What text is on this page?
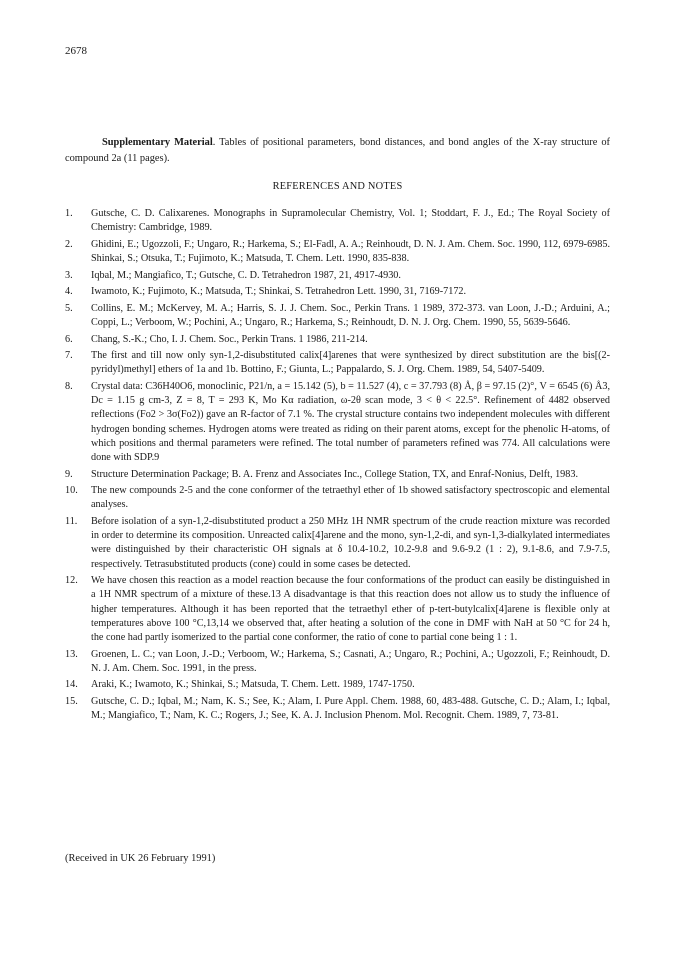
2678
Supplementary Material. Tables of positional parameters, bond distances, and bond angles of the X-ray structure of compound 2a (11 pages).
REFERENCES AND NOTES
1.	Gutsche, C. D. Calixarenes. Monographs in Supramolecular Chemistry, Vol. 1; Stoddart, F. J., Ed.; The Royal Society of Chemistry: Cambridge, 1989.
2.	Ghidini, E.; Ugozzoli, F.; Ungaro, R.; Harkema, S.; El-Fadl, A. A.; Reinhoudt, D. N. J. Am. Chem. Soc. 1990, 112, 6979-6985. Shinkai, S.; Otsuka, T.; Fujimoto, K.; Matsuda, T. Chem. Lett. 1990, 835-838.
3.	Iqbal, M.; Mangiafico, T.; Gutsche, C. D. Tetrahedron 1987, 21, 4917-4930.
4.	Iwamoto, K.; Fujimoto, K.; Matsuda, T.; Shinkai, S. Tetrahedron Lett. 1990, 31, 7169-7172.
5.	Collins, E. M.; McKervey, M. A.; Harris, S. J. J. Chem. Soc., Perkin Trans. 1 1989, 372-373. van Loon, J.-D.; Arduini, A.; Coppi, L.; Verboom, W.; Pochini, A.; Ungaro, R.; Harkema, S.; Reinhoudt, D. N. J. Org. Chem. 1990, 55, 5639-5646.
6.	Chang, S.-K.; Cho, I. J. Chem. Soc., Perkin Trans. 1 1986, 211-214.
7.	The first and till now only syn-1,2-disubstituted calix[4]arenes that were synthesized by direct substitution are the bis[(2-pyridyl)methyl] ethers of 1a and 1b. Bottino, F.; Giunta, L.; Pappalardo, S. J. Org. Chem. 1989, 54, 5407-5409.
8.	Crystal data: C36H40O6, monoclinic, P21/n, a = 15.142 (5), b = 11.527 (4), c = 37.793 (8) Å, β = 97.15 (2)°, V = 6545 (6) Å3, Dc = 1.15 g cm-3, Z = 8, T = 293 K, Mo Kα radiation, ω-2θ scan mode, 3 < θ < 22.5°. Refinement of 4482 observed reflections (Fo2 > 3σ(Fo2)) gave an R-factor of 7.1 %. The crystal structure contains two independent molecules with different hydrogen bonding schemes. Hydrogen atoms were treated as riding on their parent atoms, except for the phenolic H-atoms, of which positions and thermal parameters were refined. The total number of parameters refined was 774. All calculations were done with SDP.9
9.	Structure Determination Package; B. A. Frenz and Associates Inc., College Station, TX, and Enraf-Nonius, Delft, 1983.
10.	The new compounds 2-5 and the cone conformer of the tetraethyl ether of 1b showed satisfactory spectroscopic and elemental analyses.
11.	Before isolation of a syn-1,2-disubstituted product a 250 MHz 1H NMR spectrum of the crude reaction mixture was recorded in order to determine its composition. Unreacted calix[4]arene and the mono, syn-1,2-di, and syn-1,3-dialkylated intermediates were distinguished by their characteristic OH signals at δ 10.4-10.2, 10.2-9.8 and 9.6-9.2 (1 : 2), 9.1-8.6, and 7.9-7.5, respectively. Tetrasubstituted products (cone) could in some cases be detected.
12.	We have chosen this reaction as a model reaction because the four conformations of the product can easily be distinguished in a 1H NMR spectrum of a mixture of these.13 A disadvantage is that this reaction does not allow us to study the influence of higher temperatures. Although it has been reported that the tetraethyl ether of p-tert-butylcalix[4]arene is flexible only at temperatures above 100 °C,13,14 we observed that, after heating a solution of the cone in DMF with NaH at 50 °C for 24 h, the cone had partly isomerized to the partial cone conformer, the ratio of cone to partial cone being 1 : 1.
13.	Groenen, L. C.; van Loon, J.-D.; Verboom, W.; Harkema, S.; Casnati, A.; Ungaro, R.; Pochini, A.; Ugozzoli, F.; Reinhoudt, D. N. J. Am. Chem. Soc. 1991, in the press.
14.	Araki, K.; Iwamoto, K.; Shinkai, S.; Matsuda, T. Chem. Lett. 1989, 1747-1750.
15.	Gutsche, C. D.; Iqbal, M.; Nam, K. S.; See, K.; Alam, I. Pure Appl. Chem. 1988, 60, 483-488. Gutsche, C. D.; Alam, I.; Iqbal, M.; Mangiafico, T.; Nam, K. C.; Rogers, J.; See, K. A. J. Inclusion Phenom. Mol. Recognit. Chem. 1989, 7, 73-81.
(Received in UK 26 February 1991)
